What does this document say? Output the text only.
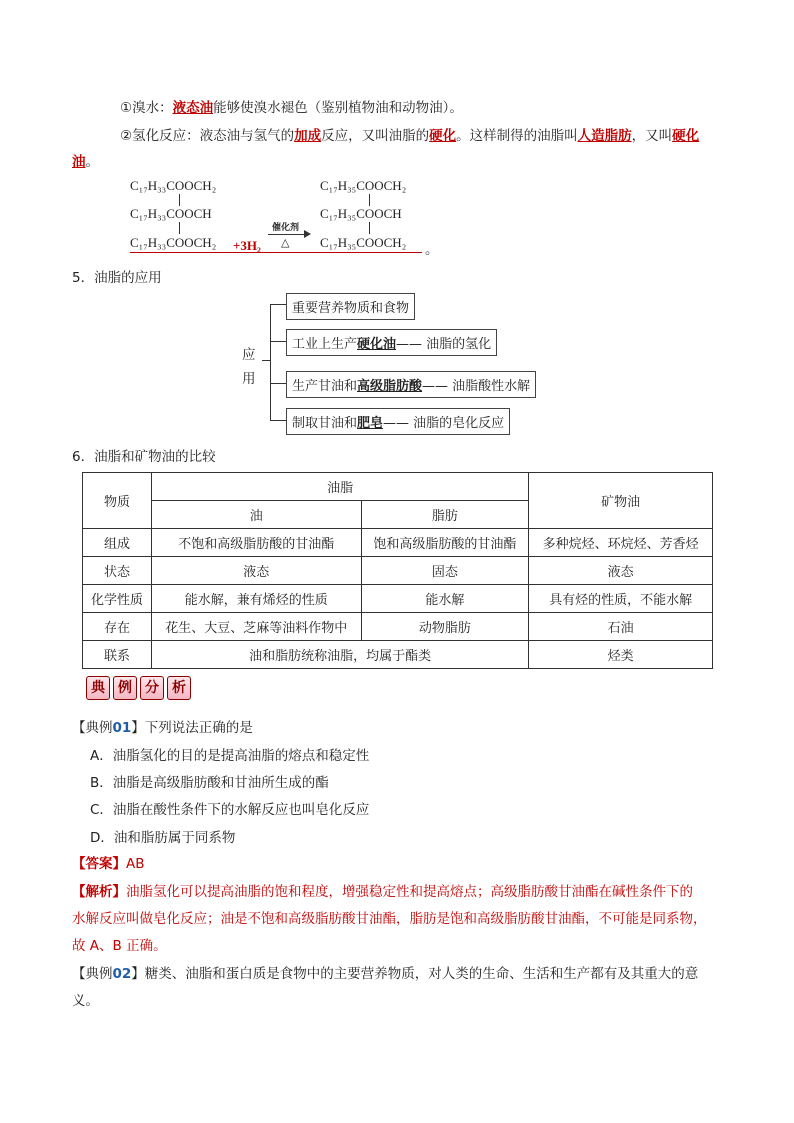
①溴水：液态油能够使溴水褪色（鉴别植物油和动物油）。
②氢化反应：液态油与氢气的加成反应，又叫油脂的硬化。这样制得的油脂叫人造脂肪，又叫硬化
油。
C₁₇H₃₃COOCH₂
C₁₇H₃₃COOCH
C₁₇H₃₃COOCH₂ +3H₂
催化剂
△
C₁₇H₃₅COOCH₂
C₁₇H₃₅COOCH
C₁₇H₃₅COOCH₂ 。
5．油脂的应用
应
用
重要营养物质和食物
工业上生产硬化油—— 油脂的氢化
生产甘油和高级脂肪酸—— 油脂酸性水解
制取甘油和肥皂—— 油脂的皂化反应
6．油脂和矿物油的比较
物质	油脂		矿物油
	油	脂肪	
组成	不饱和高级脂肪酸的甘油酯	饱和高级脂肪酸的甘油酯	多种烷烃、环烷烃、芳香烃
状态	液态	固态	液态
化学性质	能水解，兼有烯烃的性质	能水解	具有烃的性质，不能水解
存在	花生、大豆、芝麻等油料作物中	动物脂肪	石油
联系	油和脂肪统称油脂，均属于酯类		烃类
典 例 分 析
【典例01】下列说法正确的是
A．油脂氢化的目的是提高油脂的熔点和稳定性
B．油脂是高级脂肪酸和甘油所生成的酯
C．油脂在酸性条件下的水解反应也叫皂化反应
D．油和脂肪属于同系物
【答案】AB
【解析】油脂氢化可以提高油脂的饱和程度，增强稳定性和提高熔点；高级脂肪酸甘油酯在碱性条件下的
水解反应叫做皂化反应；油是不饱和高级脂肪酸甘油酯，脂肪是饱和高级脂肪酸甘油酯，不可能是同系物，
故 A、B 正确。
【典例02】糖类、油脂和蛋白质是食物中的主要营养物质，对人类的生命、生活和生产都有及其重大的意
义。
